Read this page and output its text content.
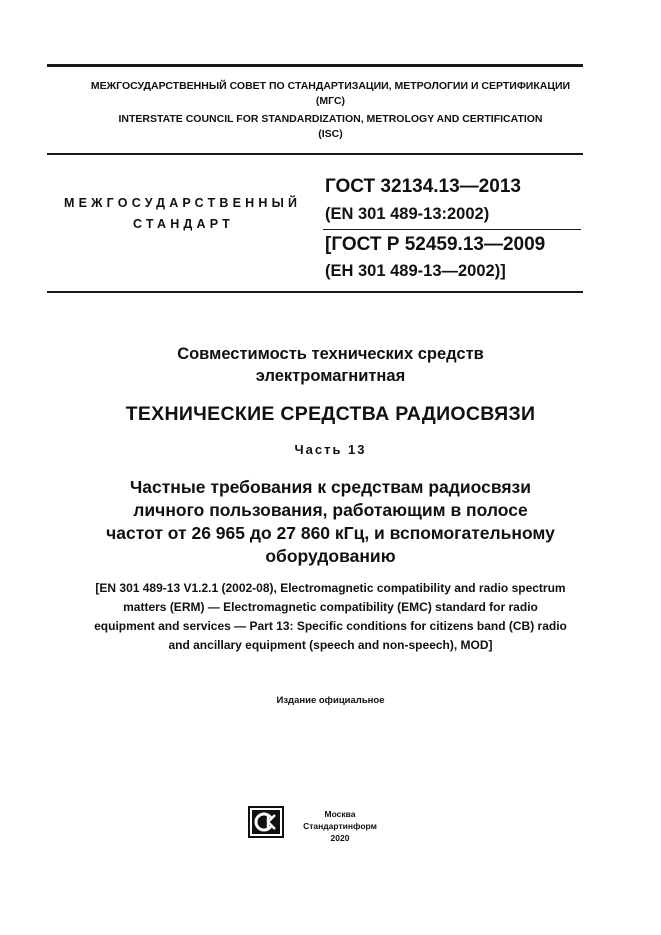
МЕЖГОСУДАРСТВЕННЫЙ СОВЕТ ПО СТАНДАРТИЗАЦИИ, МЕТРОЛОГИИ И СЕРТИФИКАЦИИ
(МГС)
INTERSTATE COUNCIL FOR STANDARDIZATION, METROLOGY AND CERTIFICATION
(ISC)
МЕЖГОСУДАРСТВЕННЫЙ
СТАНДАРТ
ГОСТ 32134.13—2013
(EN 301 489-13:2002)
[ГОСТ Р 52459.13—2009
(ЕН 301 489-13—2002)]
Совместимость технических средств
электромагнитная
ТЕХНИЧЕСКИЕ СРЕДСТВА РАДИОСВЯЗИ
Часть 13
Частные требования к средствам радиосвязи
личного пользования, работающим в полосе
частот от 26 965 до 27 860 кГц, и вспомогательному
оборудованию
[EN 301 489-13 V1.2.1 (2002-08), Electromagnetic compatibility and radio spectrum
matters (ERM) — Electromagnetic compatibility (EMC) standard for radio
equipment and services — Part 13: Specific conditions for citizens band (CB) radio
and ancillary equipment (speech and non-speech), MOD]
Издание официальное
Москва
Стандартинформ
2020
